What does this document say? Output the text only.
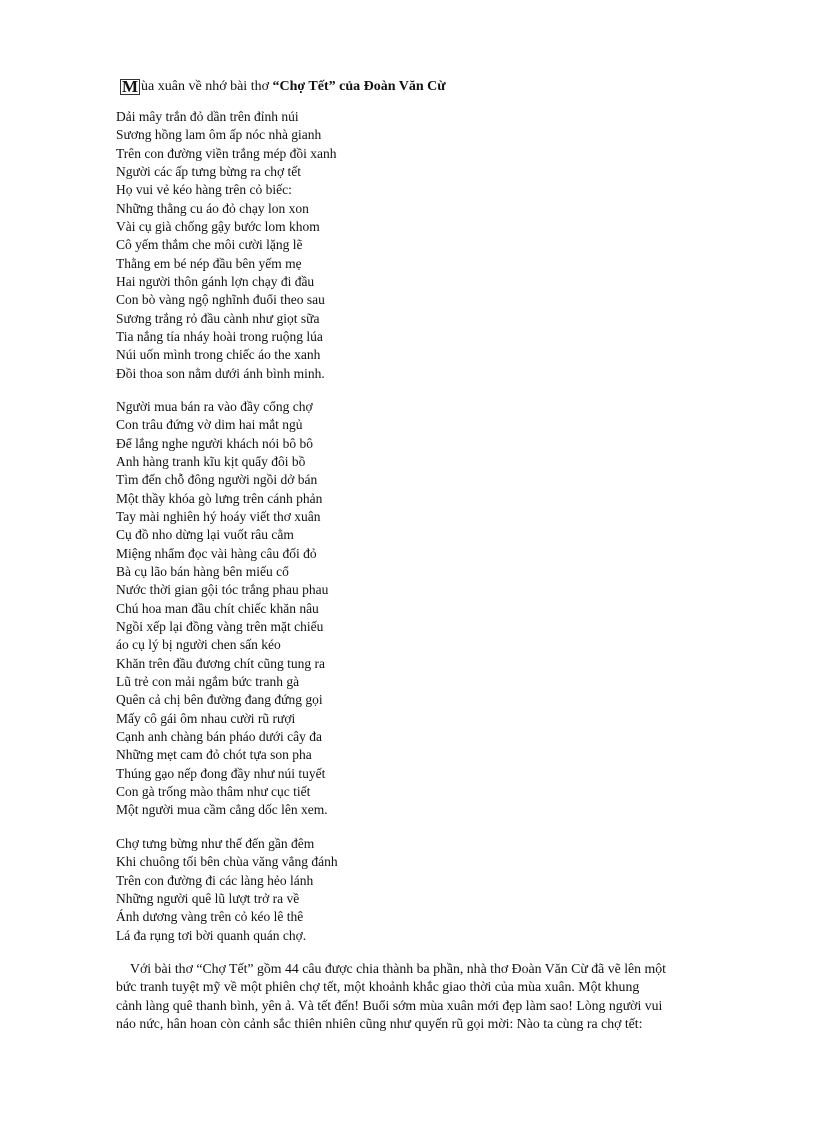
M ùa xuân về nhớ bài thơ “Chợ Tết” của Đoàn Văn Cừ
Dải mây trắn đỏ dần trên đỉnh núi
Sương hồng lam ôm ấp nóc nhà gianh
Trên con đường viền trắng mép đồi xanh
Người các ấp tưng bừng ra chợ tết
Họ vui vẻ kéo hàng trên cỏ biếc:
Những thằng cu áo đỏ chạy lon xon
Vài cụ già chống gậy bước lom khom
Cô yếm thắm che môi cười lặng lẽ
Thằng em bé nép đầu bên yếm mẹ
Hai người thôn gánh lợn chạy đi đầu
Con bò vàng ngộ nghĩnh đuổi theo sau
Sương trắng rỏ đầu cành như giọt sữa
Tia nắng tía nháy hoài trong ruộng lúa
Núi uốn mình trong chiếc áo the xanh
Đồi thoa son nằm dưới ánh bình minh.
Người mua bán ra vào đầy cổng chợ
Con trâu đứng vờ dim hai mắt ngủ
Để lắng nghe người khách nói bô bô
Anh hàng tranh kĩu kịt quẩy đôi bồ
Tìm đến chỗ đông người ngồi dở bán
Một thầy khóa gò lưng trên cánh phản
Tay mài nghiên hý hoáy viết thơ xuân
Cụ đồ nho dừng lại vuốt râu cằm
Miệng nhẩm đọc vài hàng câu đối đỏ
Bà cụ lão bán hàng bên miếu cổ
Nước thời gian gội tóc trắng phau phau
Chú hoa man đầu chít chiếc khăn nâu
Ngồi xếp lại đồng vàng trên mặt chiếu
áo cụ lý bị người chen sấn kéo
Khăn trên đầu đương chít cũng tung ra
Lũ trẻ con mải ngắm bức tranh gà
Quên cả chị bên đường đang đứng gọi
Mấy cô gái ôm nhau cười rũ rượi
Cạnh anh chàng bán pháo dưới cây đa
Những mẹt cam đỏ chót tựa son pha
Thúng gạo nếp đong đầy như núi tuyết
Con gà trống mào thâm như cục tiết
Một người mua cầm cẳng dốc lên xem.
Chợ tưng bừng như thế đến gần đêm
Khi chuông tối bên chùa văng vẳng đánh
Trên con đường đi các làng hẻo lánh
Những người quê lũ lượt trở ra về
Ánh dương vàng trên cỏ kéo lê thê
Lá đa rụng tơi bời quanh quán chợ.
Với bài thơ “Chợ Tết” gồm 44 câu được chia thành ba phần, nhà thơ Đoàn Văn Cừ đã vẽ lên một
bức tranh tuyệt mỹ về một phiên chợ tết, một khoảnh khắc giao thời của mùa xuân. Một khung
cảnh làng quê thanh bình, yên ả. Và tết đến! Buổi sớm mùa xuân mới đẹp làm sao! Lòng người vui
náo nức, hân hoan còn cảnh sắc thiên nhiên cũng như quyến rũ gọi mời: Nào ta cùng ra chợ tết:
